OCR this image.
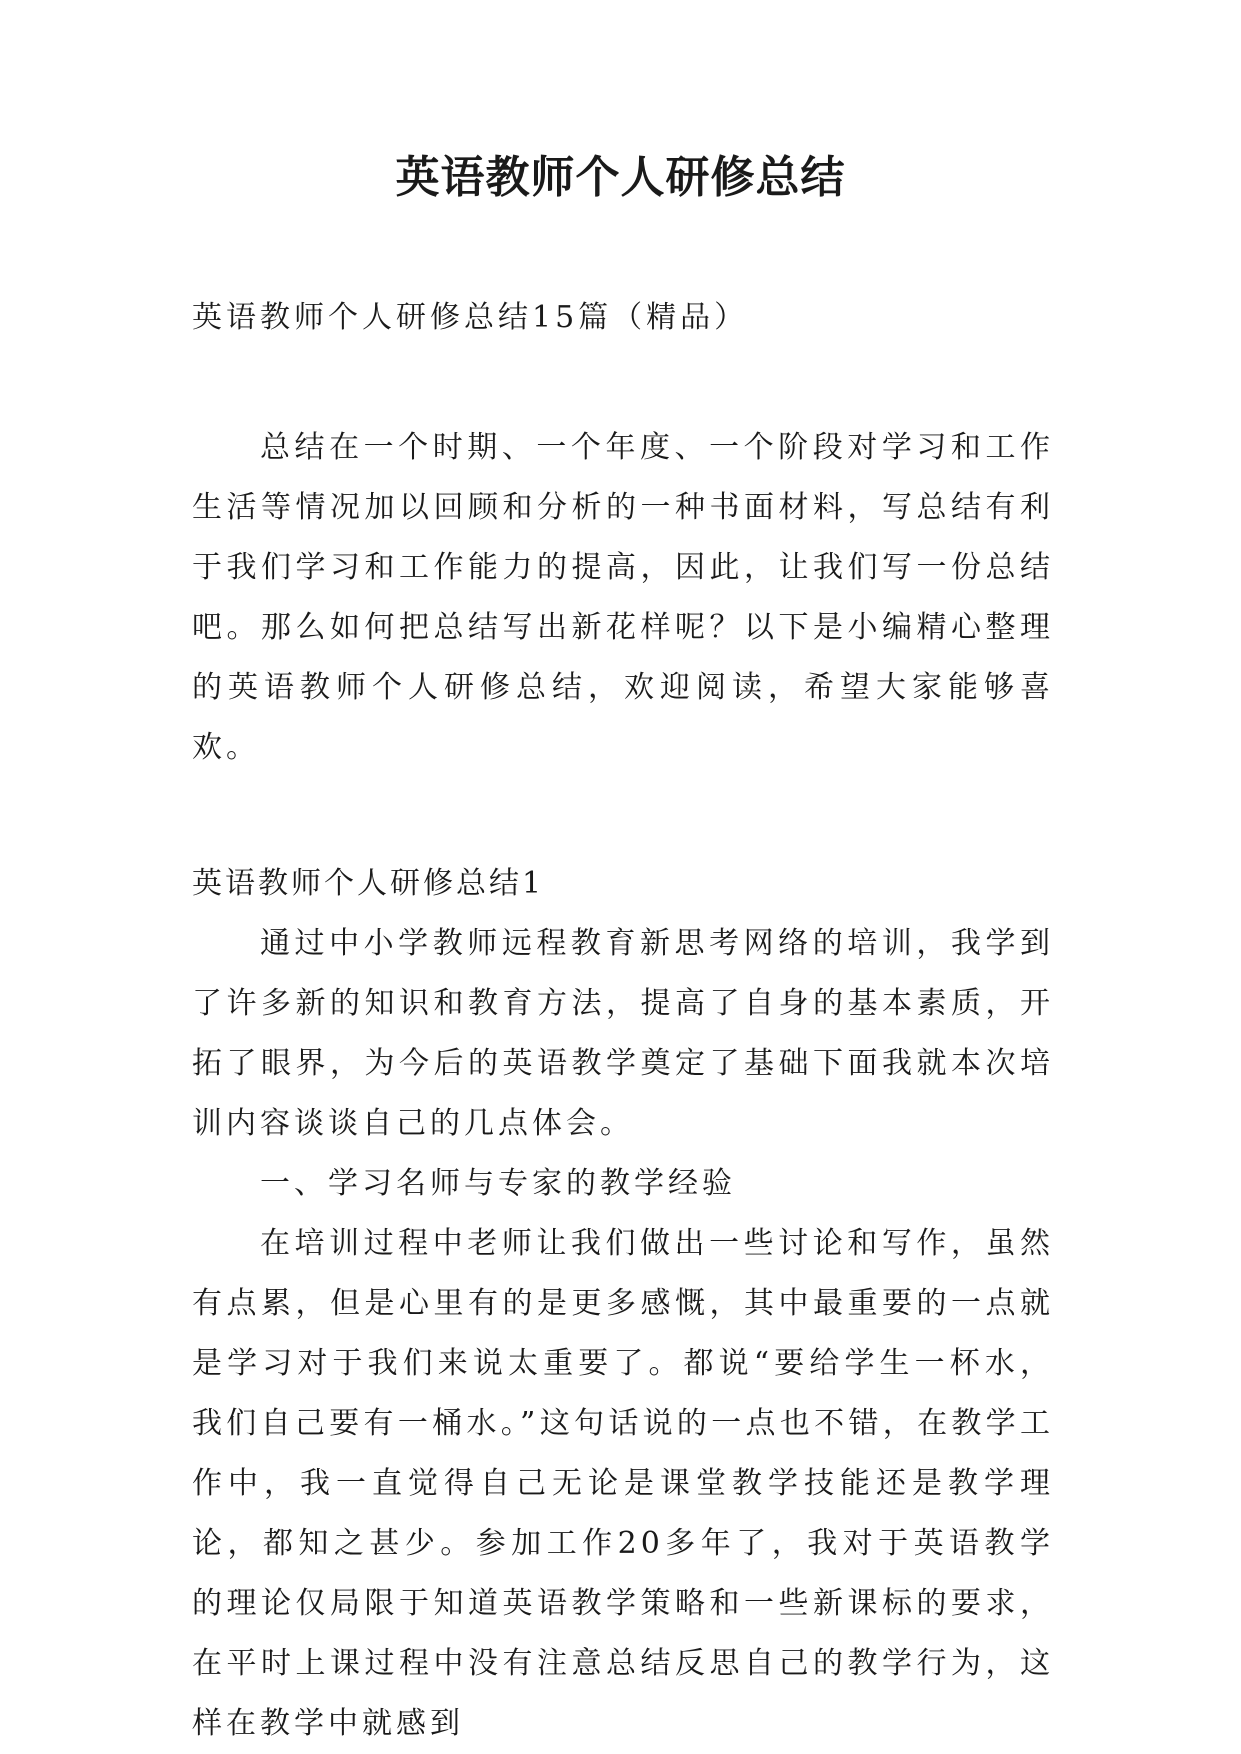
英语教师个人研修总结

英语教师个人研修总结15篇（精品）

总结在一个时期、一个年度、一个阶段对学习和工作生活等情况加以回顾和分析的一种书面材料，写总结有利于我们学习和工作能力的提高，因此，让我们写一份总结吧。那么如何把总结写出新花样呢？以下是小编精心整理的英语教师个人研修总结，欢迎阅读，希望大家能够喜欢。

英语教师个人研修总结1

通过中小学教师远程教育新思考网络的培训，我学到了许多新的知识和教育方法，提高了自身的基本素质，开拓了眼界，为今后的英语教学奠定了基础下面我就本次培训内容谈谈自己的几点体会。

一、学习名师与专家的教学经验

在培训过程中老师让我们做出一些讨论和写作，虽然有点累，但是心里有的是更多感慨，其中最重要的一点就是学习对于我们来说太重要了。都说“要给学生一杯水，我们自己要有一桶水。”这句话说的一点也不错，在教学工作中，我一直觉得自己无论是课堂教学技能还是教学理论，都知之甚少。参加工作20多年了，我对于英语教学的理论仅局限于知道英语教学策略和一些新课标的要求，在平时上课过程中没有注意总结反思自己的教学行为，这样在教学中就感到
